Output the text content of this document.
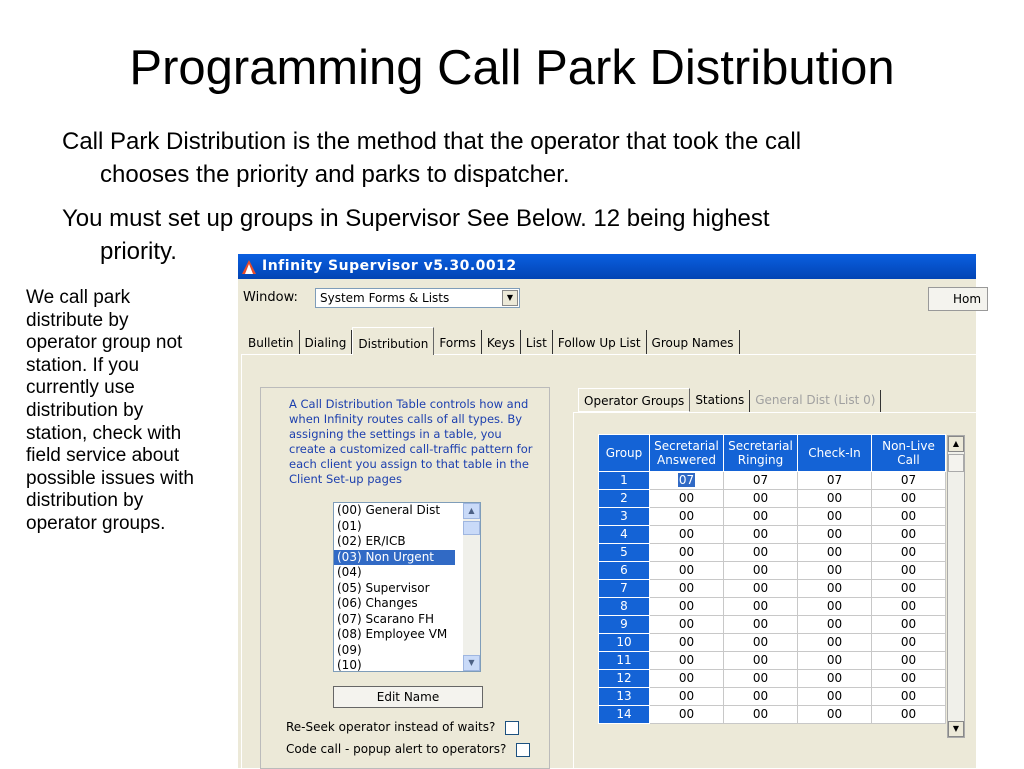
Programming Call Park Distribution
Call Park Distribution is the method that the operator that took the call
chooses the priority and parks to dispatcher.
You must set up groups in Supervisor See Below. 12 being highest
priority.
We call park distribute by operator group not station. If you currently use distribution by station, check with field service about possible issues with distribution by operator groups.
Infinity Supervisor v5.30.0012
Window: System Forms & Lists	▼	Hom
Bulletin Dialing	Distribution Forms Keys List Follow Up List Group Names
A Call Distribution Table controls how and when Infinity routes calls of all types. By assigning the settings in a table, you create a customized call-traffic pattern for each client you assign to that table in the Client Set-up pages
(00) General Dist
(01)
(02) ER/ICB
(03) Non Urgent
(04)
(05) Supervisor
(06) Changes
(07) Scarano FH
(08) Employee VM
(09)
(10)
▲
▼
Edit Name
Re-Seek operator instead of waits?
Code call - popup alert to operators?
Operator Groups Stations General Dist (List 0)
Group	Secretarial Answered	Secretarial Ringing	Check-In	Non-Live Call
1	07	07	07	07
2	00	00	00	00
3	00	00	00	00
4	00	00	00	00
5	00	00	00	00
6	00	00	00	00
7	00	00	00	00
8	00	00	00	00
9	00	00	00	00
10	00	00	00	00
11	00	00	00	00
12	00	00	00	00
13	00	00	00	00
14	00	00	00	00
▲
▼
